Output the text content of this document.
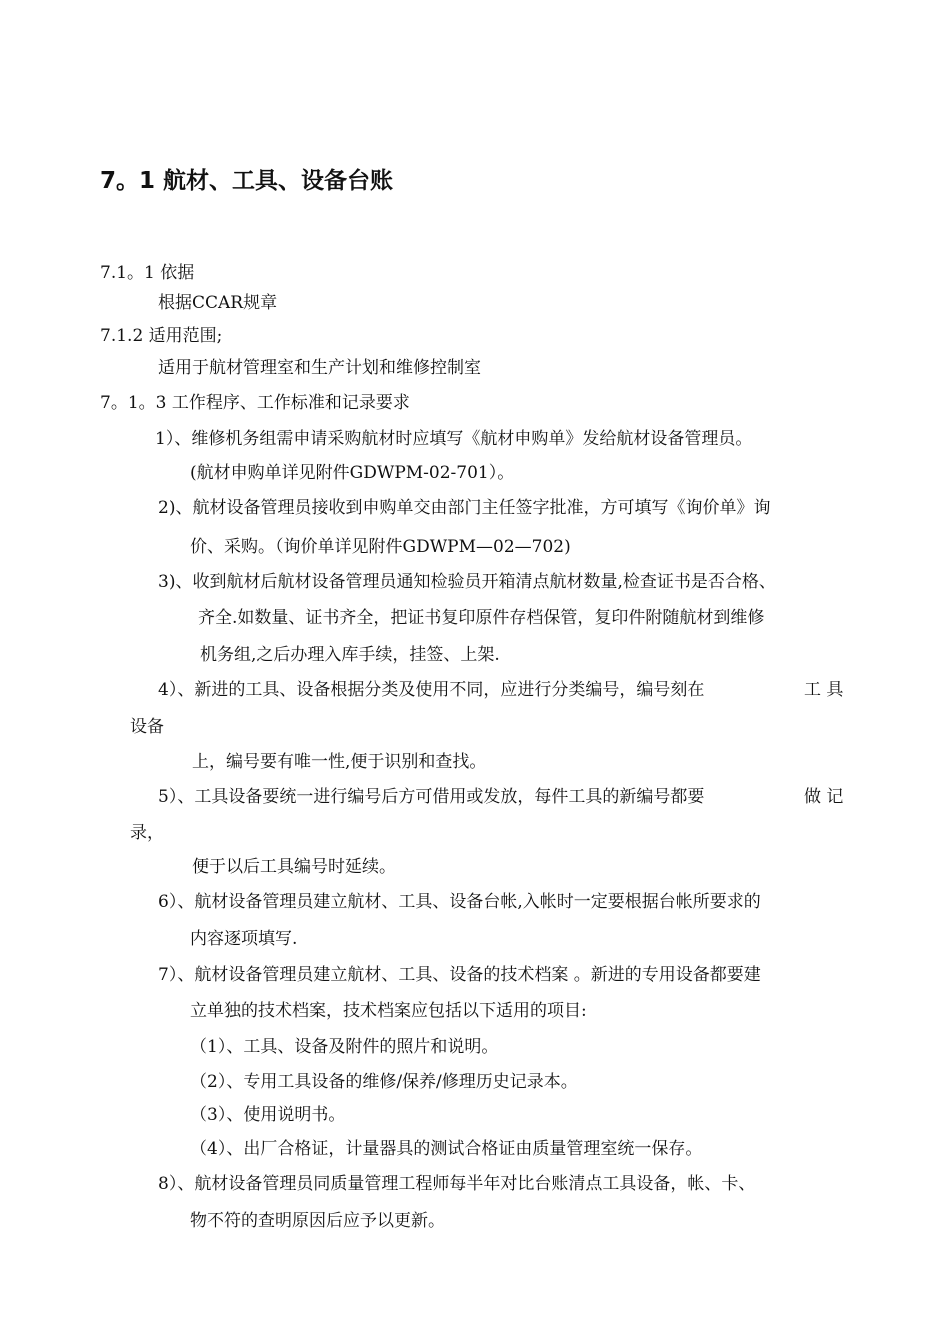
7。1 航材、工具、设备台账
7.1。1 依据
根据CCAR规章
7.1.2 适用范围;
适用于航材管理室和生产计划和维修控制室
7。1。3 工作程序、工作标准和记录要求
1）、维修机务组需申请采购航材时应填写《航材申购单》发给航材设备管理员。
(航材申购单详见附件GDWPM-02-701）。
2)、航材设备管理员接收到申购单交由部门主任签字批准，方可填写《询价单》询
价、采购。（询价单详见附件GDWPM—02—702)
3)、收到航材后航材设备管理员通知检验员开箱清点航材数量,检查证书是否合格、
齐全.如数量、证书齐全，把证书复印原件存档保管，复印件附随航材到维修
机务组,之后办理入库手续，挂签、上架.
4）、新进的工具、设备根据分类及使用不同，应进行分类编号，编号刻在	工 具
设备
上，编号要有唯一性,便于识别和查找。
5）、工具设备要统一进行编号后方可借用或发放，每件工具的新编号都要	做 记
录，
便于以后工具编号时延续。
6）、航材设备管理员建立航材、工具、设备台帐,入帐时一定要根据台帐所要求的
内容逐项填写.
7）、航材设备管理员建立航材、工具、设备的技术档案 。新进的专用设备都要建
立单独的技术档案，技术档案应包括以下适用的项目:
（1）、工具、设备及附件的照片和说明。
（2）、专用工具设备的维修/保养/修理历史记录本。
（3）、使用说明书。
（4）、出厂合格证，计量器具的测试合格证由质量管理室统一保存。
8）、航材设备管理员同质量管理工程师每半年对比台账清点工具设备，帐、卡、
物不符的查明原因后应予以更新。
